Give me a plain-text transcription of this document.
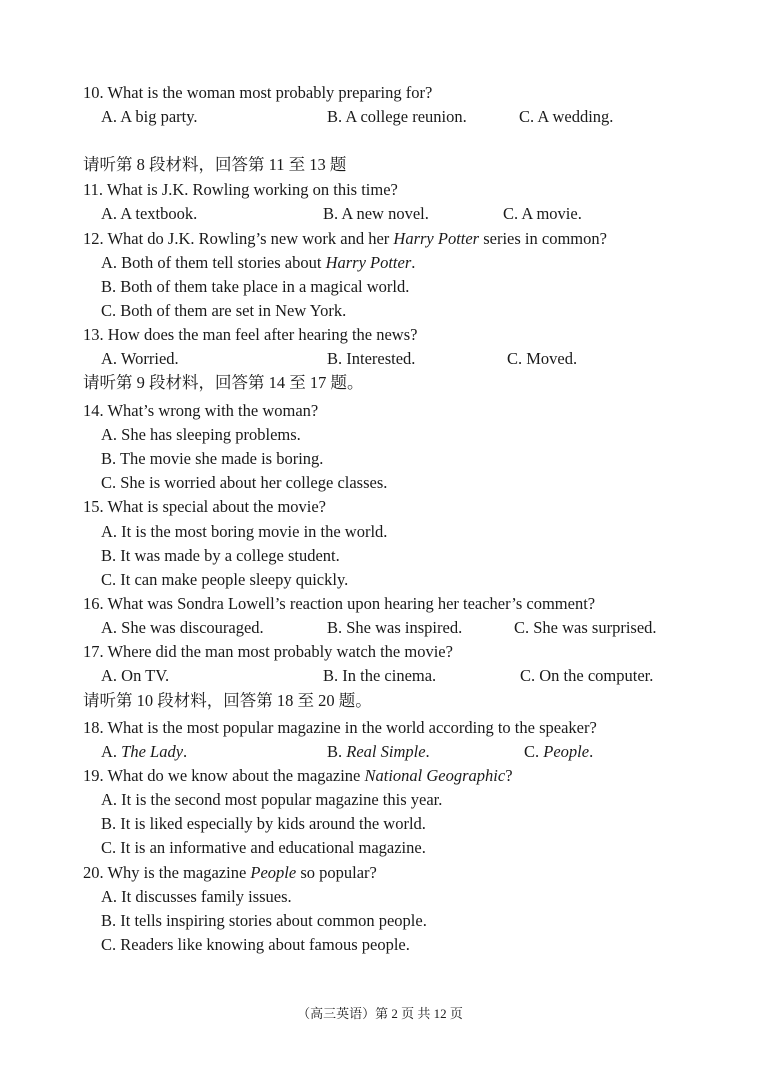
10. What is the woman most probably preparing for?
A. A big party.	B. A college reunion.	C. A wedding.
请听第 8 段材料，回答第 11 至 13 题
11. What is J.K. Rowling working on this time?
A. A textbook.	B. A new novel.	C. A movie.
12. What do J.K. Rowling’s new work and her Harry Potter series in common?
A. Both of them tell stories about Harry Potter.
B. Both of them take place in a magical world.
C. Both of them are set in New York.
13. How does the man feel after hearing the news?
A. Worried.	B. Interested.	C. Moved.
请听第 9 段材料，回答第 14 至 17 题。
14. What’s wrong with the woman?
A. She has sleeping problems.
B. The movie she made is boring.
C. She is worried about her college classes.
15. What is special about the movie?
A. It is the most boring movie in the world.
B. It was made by a college student.
C. It can make people sleepy quickly.
16. What was Sondra Lowell’s reaction upon hearing her teacher’s comment?
A. She was discouraged.	B. She was inspired.	C. She was surprised.
17. Where did the man most probably watch the movie?
A. On TV.	B. In the cinema.	C. On the computer.
请听第 10 段材料，回答第 18 至 20 题。
18. What is the most popular magazine in the world according to the speaker?
A. The Lady.	B. Real Simple.	C. People.
19. What do we know about the magazine National Geographic?
A. It is the second most popular magazine this year.
B. It is liked especially by kids around the world.
C. It is an informative and educational magazine.
20. Why is the magazine People so popular?
A. It discusses family issues.
B. It tells inspiring stories about common people.
C. Readers like knowing about famous people.
（高三英语）第 2 页 共 12 页
